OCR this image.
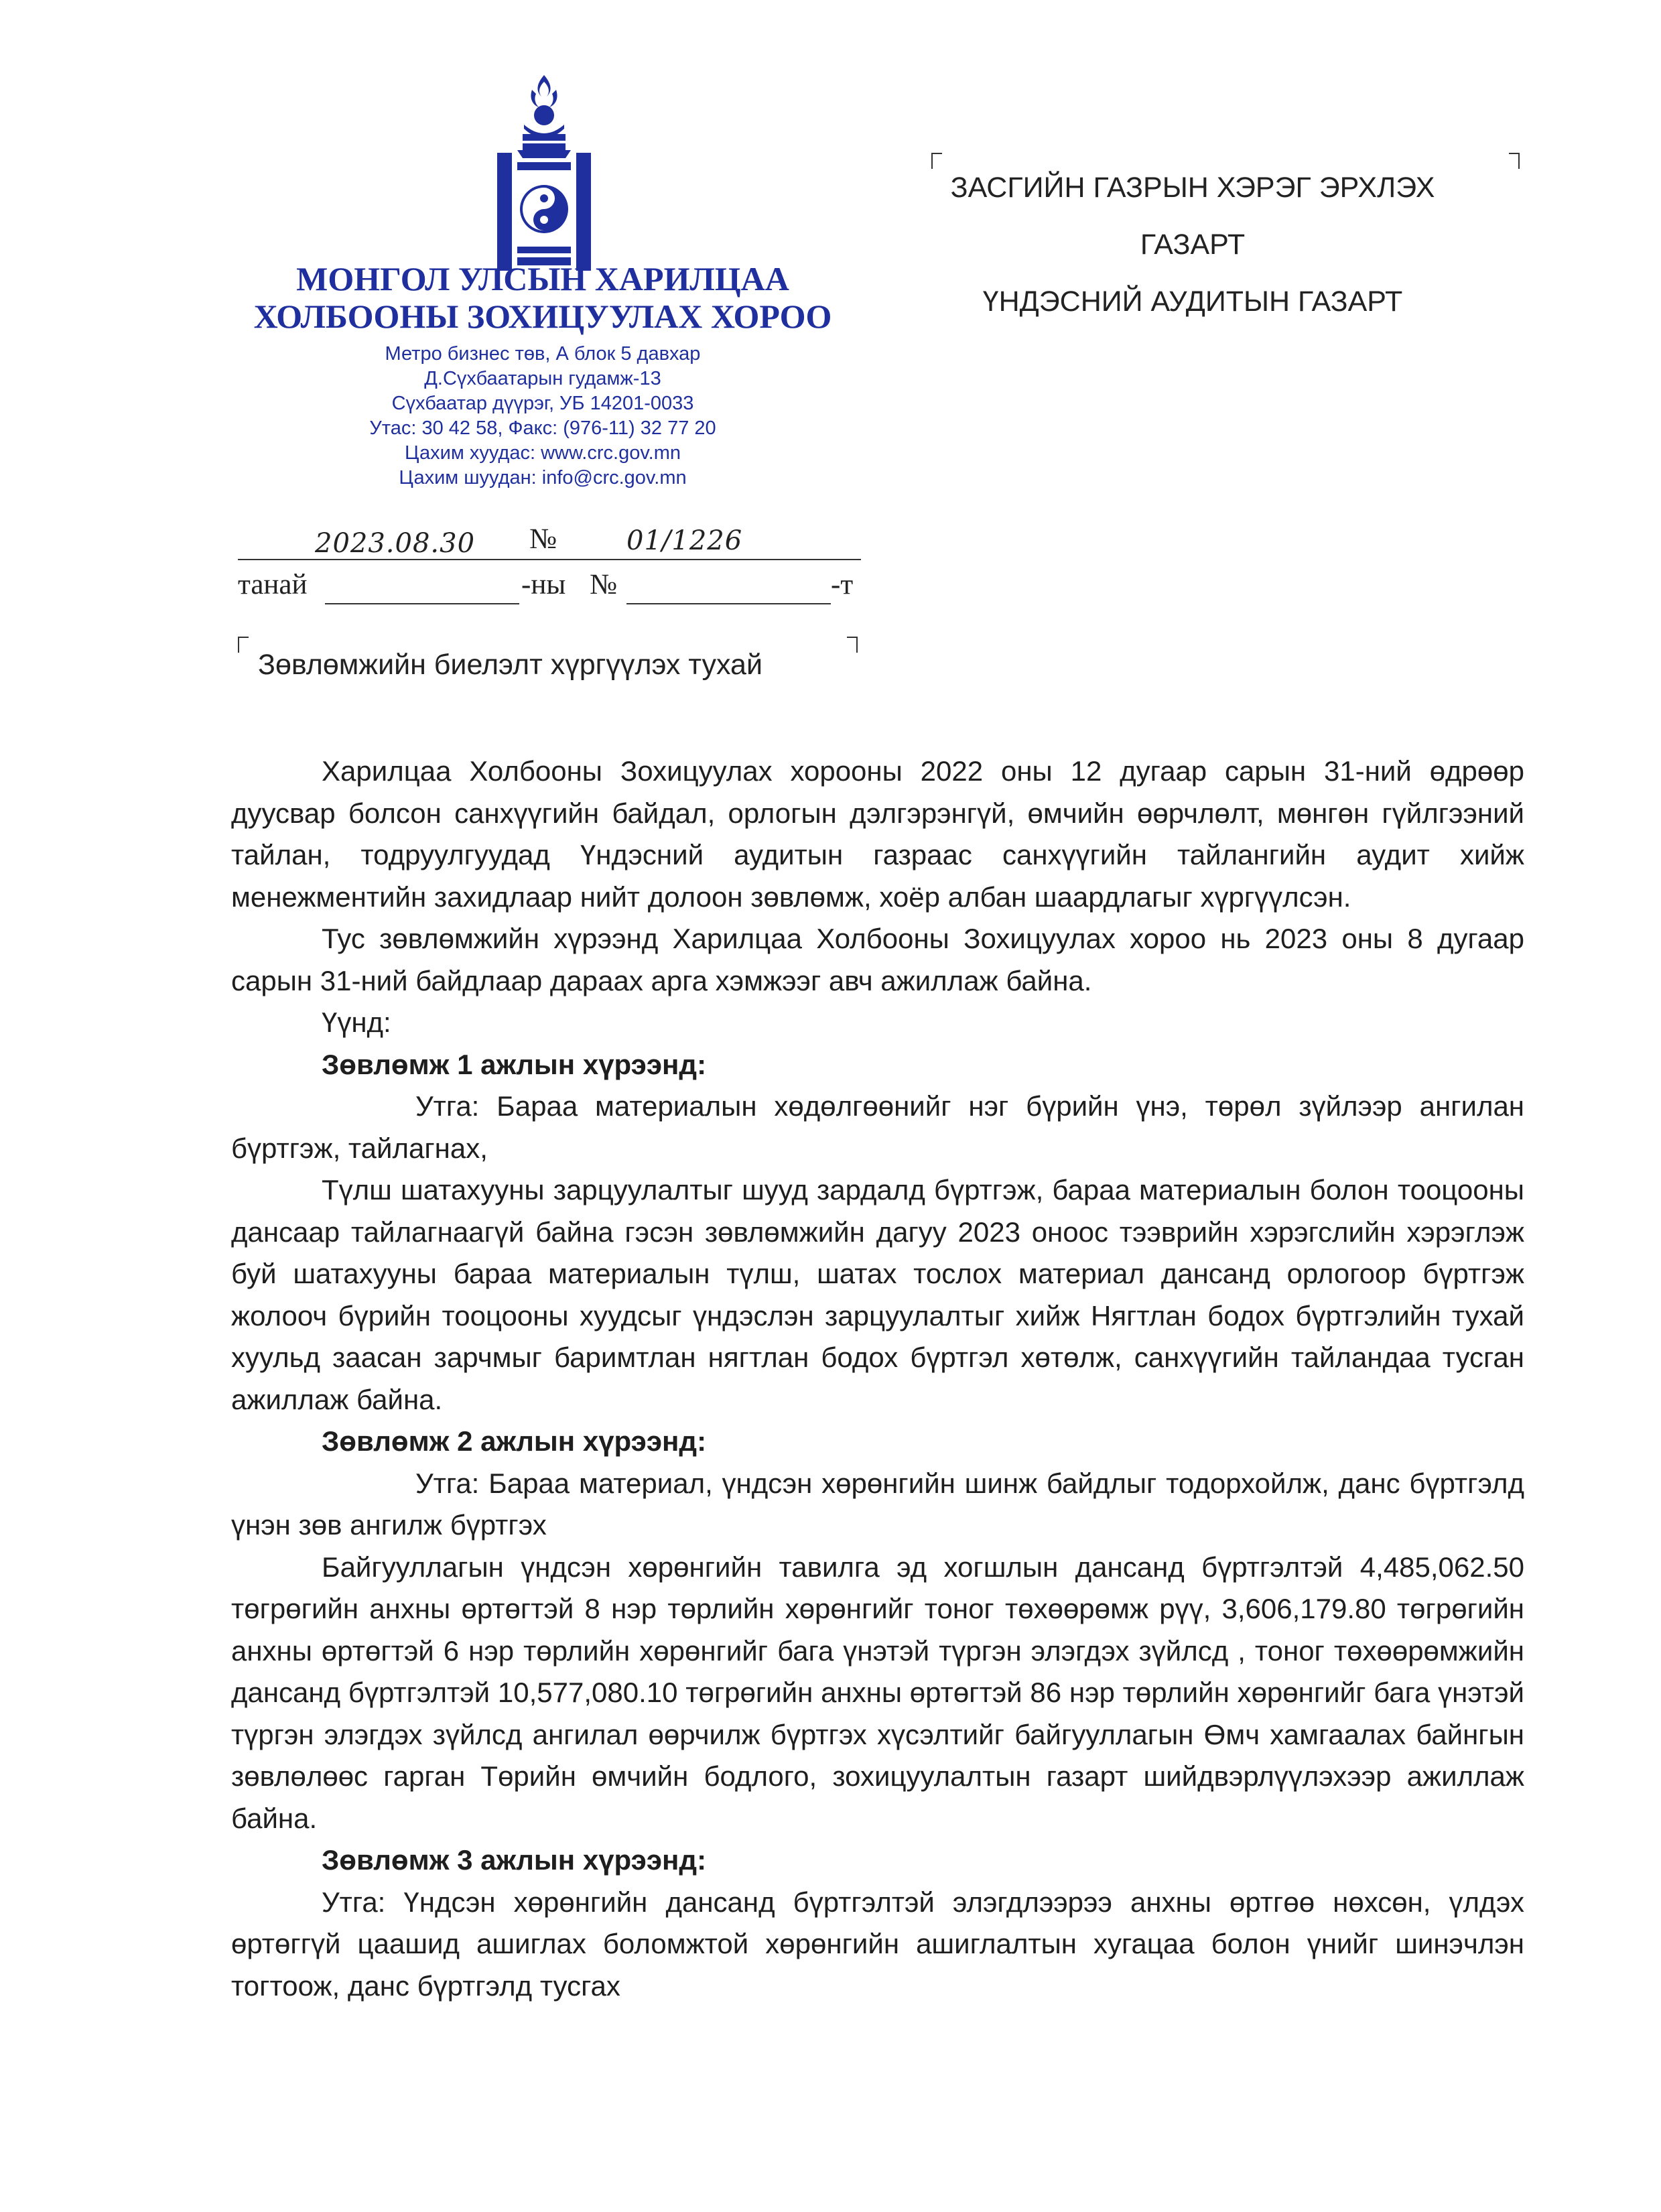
МОНГОЛ УЛСЫН ХАРИЛЦАА
ХОЛБООНЫ ЗОХИЦУУЛАХ ХОРОО
Метро бизнес төв, А блок 5 давхар
Д.Сүхбаатарын гудамж-13
Сүхбаатар дүүрэг, УБ 14201-0033
Утас: 30 42 58, Факс: (976-11) 32 77 20
Цахим хуудас: www.crc.gov.mn
Цахим шуудан: info@crc.gov.mn
ЗАСГИЙН ГАЗРЫН ХЭРЭГ ЭРХЛЭХ
ГАЗАРТ
ҮНДЭСНИЙ АУДИТЫН ГАЗАРТ
2023.08.30 №	01/1226
танай	-ны №	-т
Зөвлөмжийн биелэлт хүргүүлэх тухай

Харилцаа Холбооны Зохицуулах хорооны 2022 оны 12 дугаар сарын 31-ний өдрөөр дуусвар болсон санхүүгийн байдал, орлогын дэлгэрэнгүй, өмчийн өөрчлөлт, мөнгөн гүйлгээний тайлан, тодруулгуудад Үндэсний аудитын газраас санхүүгийн тайлангийн аудит хийж менежментийн захидлаар нийт долоон зөвлөмж, хоёр албан шаардлагыг хүргүүлсэн.

Тус зөвлөмжийн хүрээнд Харилцаа Холбооны Зохицуулах хороо нь 2023 оны 8 дугаар сарын 31-ний байдлаар дараах арга хэмжээг авч ажиллаж байна.

Үүнд:

Зөвлөмж 1 ажлын хүрээнд:

Утга: Бараа материалын хөдөлгөөнийг нэг бүрийн үнэ, төрөл зүйлээр ангилан бүртгэж, тайлагнах,

Түлш шатахууны зарцуулалтыг шууд зардалд бүртгэж, бараа материалын болон тооцооны дансаар тайлагнаагүй байна гэсэн зөвлөмжийн дагуу 2023 оноос тээврийн хэрэгслийн хэрэглэж буй шатахууны бараа материалын түлш, шатах тослох материал дансанд орлогоор бүртгэж жолооч бүрийн тооцооны хуудсыг үндэслэн зарцуулалтыг хийж Нягтлан бодох бүртгэлийн тухай хуульд заасан зарчмыг баримтлан нягтлан бодох бүртгэл хөтөлж, санхүүгийн тайландаа тусган ажиллаж байна.

Зөвлөмж 2 ажлын хүрээнд:

Утга: Бараа материал, үндсэн хөрөнгийн шинж байдлыг тодорхойлж, данс бүртгэлд үнэн зөв ангилж бүртгэх

Байгууллагын үндсэн хөрөнгийн тавилга эд хогшлын дансанд бүртгэлтэй 4,485,062.50 төгрөгийн анхны өртөгтэй 8 нэр төрлийн хөрөнгийг тоног төхөөрөмж рүү, 3,606,179.80 төгрөгийн анхны өртөгтэй 6 нэр төрлийн хөрөнгийг бага үнэтэй түргэн элэгдэх зүйлсд , тоног төхөөрөмжийн дансанд бүртгэлтэй 10,577,080.10 төгрөгийн анхны өртөгтэй 86 нэр төрлийн хөрөнгийг бага үнэтэй түргэн элэгдэх зүйлсд ангилал өөрчилж бүртгэх хүсэлтийг байгууллагын Өмч хамгаалах байнгын зөвлөлөөс гарган Төрийн өмчийн бодлого, зохицуулалтын газарт шийдвэрлүүлэхээр ажиллаж байна.

Зөвлөмж 3 ажлын хүрээнд:

Утга: Үндсэн хөрөнгийн дансанд бүртгэлтэй элэгдлээрээ анхны өртгөө нөхсөн, үлдэх өртөггүй цаашид ашиглах боломжтой хөрөнгийн ашиглалтын хугацаа болон үнийг шинэчлэн тогтоож, данс бүртгэлд тусгах
